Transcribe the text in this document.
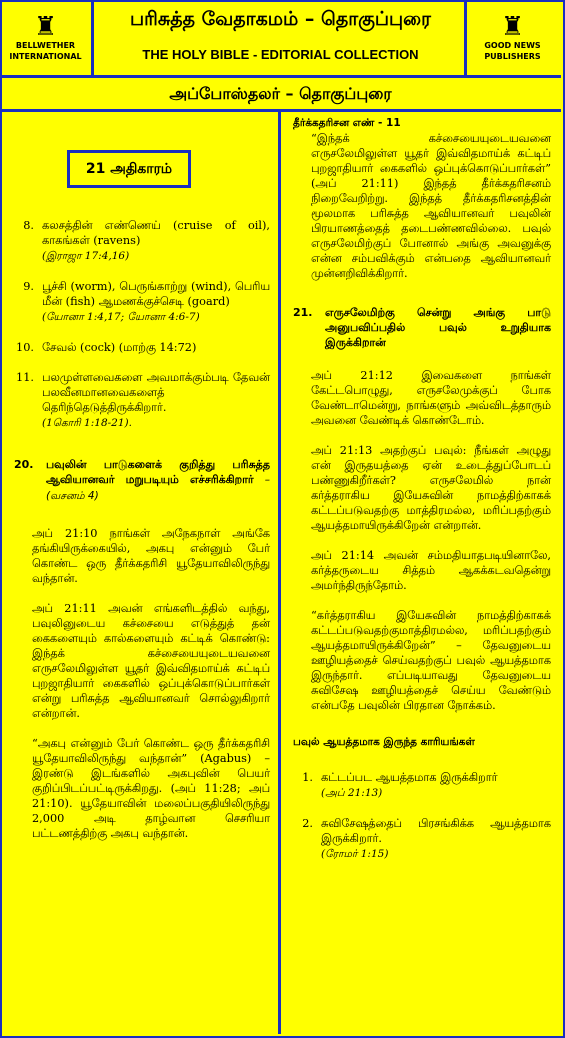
♜
BELLWETHER INTERNATIONAL
பரிசுத்த வேதாகமம் – தொகுப்புரை
THE HOLY BIBLE - EDITORIAL COLLECTION
♜
GOOD NEWS PUBLISHERS
அப்போஸ்தலர் – தொகுப்புரை
21 அதிகாரம்
8. கலசத்தின் எண்ணெய் (cruise of oil), காகங்கள் (ravens)
(இராஜா 17:4,16)
9. பூச்சி (worm), பெருங்காற்று (wind), பெரிய மீன் (fish) ஆமணக்குச்செடி (goard)
(யோனா 1:4,17; யோனா 4:6-7)
10. சேவல் (cock) (மாற்கு 14:72)
11. பலமுள்ளவைகளை அவமாக்கும்படி தேவன் பலவீனமானவைகளைத் தெரிந்தெடுத்திருக்கிறார்.
(1கொரி 1:18-21).
20.	பவுலின் பாடுகளைக் குறித்து பரிசுத்த ஆவியானவர் மறுபடியும் எச்சரிக்கிறார் – (வசனம் 4)
அப் 21:10 நாங்கள் அநேகநாள் அங்கே தங்கியிருக்கையில், அகபு என்னும் பேர் கொண்ட ஒரு தீர்க்கதரிசி யூதேயாவிலிருந்து வந்தான்.
அப் 21:11 அவன் எங்களிடத்தில் வந்து, பவுலினுடைய கச்சையை எடுத்துத் தன் கைகளையும் கால்களையும் கட்டிக் கொண்டு: இந்தக் கச்சையையுடையவனை எருசலேமிலுள்ள யூதர் இவ்விதமாய்க் கட்டிப் புறஜாதியார் கைகளில் ஒப்புக்கொடுப்பார்கள் என்று பரிசுத்த ஆவியானவர் சொல்லுகிறார் என்றான்.
“அகபு என்னும் பேர் கொண்ட ஒரு தீர்க்கதரிசி யூதேயாவிலிருந்து வந்தான்” (Agabus) – இரண்டு இடங்களில் அகபுவின் பெயர் குறிப்பிடப்பட்டிருக்கிறது. (அப் 11:28; அப் 21:10). யூதேயாவின் மலைப்பகுதியிலிருந்து 2,000 அடி தாழ்வான செசரியா பட்டணத்திற்கு அகபு வந்தான்.
தீர்க்கதரிசன எண் - 11
“இந்தக் கச்சையையுடையவனை எருசலேமிலுள்ள யூதர் இவ்விதமாய்க் கட்டிப் புறஜாதியார் கைகளில் ஒப்புக்கொடுப்பார்கள்” (அப் 21:11) இந்தத் தீர்க்கதரிசனம் நிறைவேறிற்று. இந்தத் தீர்க்கதரிசனத்தின் மூலமாக பரிசுத்த ஆவியானவர் பவுலின் பிரயாணத்தைத் தடைபண்ணவில்லை. பவுல் எருசலேமிற்குப் போனால் அங்கு அவனுக்கு என்ன சம்பவிக்கும் என்பதை ஆவியானவர் முன்னறிவிக்கிறார்.
21.	எருசலேமிற்கு சென்று அங்கு பாடு அனுபவிப்பதில் பவுல் உறுதியாக இருக்கிறான்
அப் 21:12 இவைகளை நாங்கள் கேட்டபொழுது, எருசலேமுக்குப் போக வேண்டாமென்று, நாங்களும் அவ்விடத்தாரும் அவனை வேண்டிக் கொண்டோம்.
அப் 21:13 அதற்குப் பவுல்: நீங்கள் அழுது என் இருதயத்தை ஏன் உடைத்துப்போடப் பண்ணுகிறீர்கள்? எருசலேமில் நான் கர்த்தராகிய இயேசுவின் நாமத்திற்காகக் கட்டப்படுவதற்கு மாத்திரமல்ல, மரிப்பதற்கும் ஆயத்தமாயிருக்கிறேன் என்றான்.
அப் 21:14 அவன் சம்மதியாதபடியினாலே, கர்த்தருடைய சித்தம் ஆகக்கடவதென்று அமர்ந்திருந்தோம்.
“கர்த்தராகிய இயேசுவின் நாமத்திற்காகக் கட்டப்படுவதற்குமாத்திரமல்ல, மரிப்பதற்கும் ஆயத்தமாயிருக்கிறேன்” – தேவனுடைய ஊழியத்தைச் செய்வதற்குப் பவுல் ஆயத்தமாக இருந்தார். எப்படியாவது தேவனுடைய சுவிசேஷ ஊழியத்தைச் செய்ய வேண்டும் என்பதே பவுலின் பிரதான நோக்கம்.
பவுல் ஆயத்தமாக இருந்த காரியங்கள்
1. கட்டப்பட ஆயத்தமாக இருக்கிறார்
(அப் 21:13)
2. சுவிசேஷத்தைப் பிரசங்கிக்க ஆயத்தமாக இருக்கிறார்.
(ரோமர் 1:15)
